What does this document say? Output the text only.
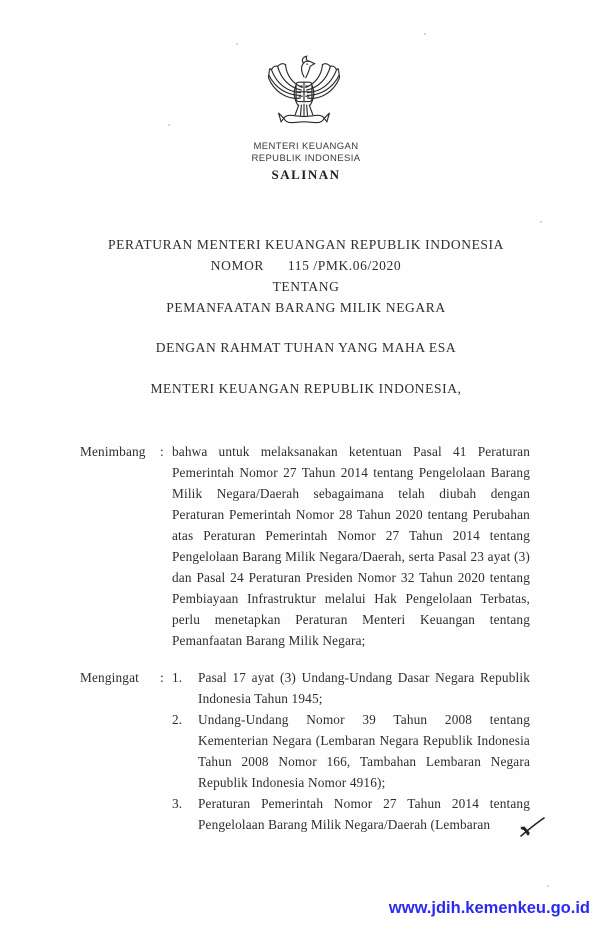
MENTERI KEUANGAN
REPUBLIK INDONESIA
SALINAN
PERATURAN MENTERI KEUANGAN REPUBLIK INDONESIA
NOMOR      115 /PMK.06/2020
TENTANG
PEMANFAATAN BARANG MILIK NEGARA
DENGAN RAHMAT TUHAN YANG MAHA ESA
MENTERI KEUANGAN REPUBLIK INDONESIA,
Menimbang	: bahwa untuk melaksanakan ketentuan Pasal 41 Peraturan Pemerintah Nomor 27 Tahun 2014 tentang Pengelolaan Barang Milik Negara/Daerah sebagaimana telah diubah dengan Peraturan Pemerintah Nomor 28 Tahun 2020 tentang Perubahan atas Peraturan Pemerintah Nomor 27 Tahun 2014 tentang Pengelolaan Barang Milik Negara/Daerah, serta Pasal 23 ayat (3) dan Pasal 24 Peraturan Presiden Nomor 32 Tahun 2020 tentang Pembiayaan Infrastruktur melalui Hak Pengelolaan Terbatas, perlu menetapkan Peraturan Menteri Keuangan tentang Pemanfaatan Barang Milik Negara;
Mengingat	: 1.	Pasal 17 ayat (3) Undang-Undang Dasar Negara Republik Indonesia Tahun 1945;
2.	Undang-Undang Nomor 39 Tahun 2008 tentang Kementerian Negara (Lembaran Negara Republik Indonesia Tahun 2008 Nomor 166, Tambahan Lembaran Negara Republik Indonesia Nomor 4916);
3.	Peraturan Pemerintah Nomor 27 Tahun 2014 tentang Pengelolaan Barang Milik Negara/Daerah (Lembaran
www.jdih.kemenkeu.go.id
